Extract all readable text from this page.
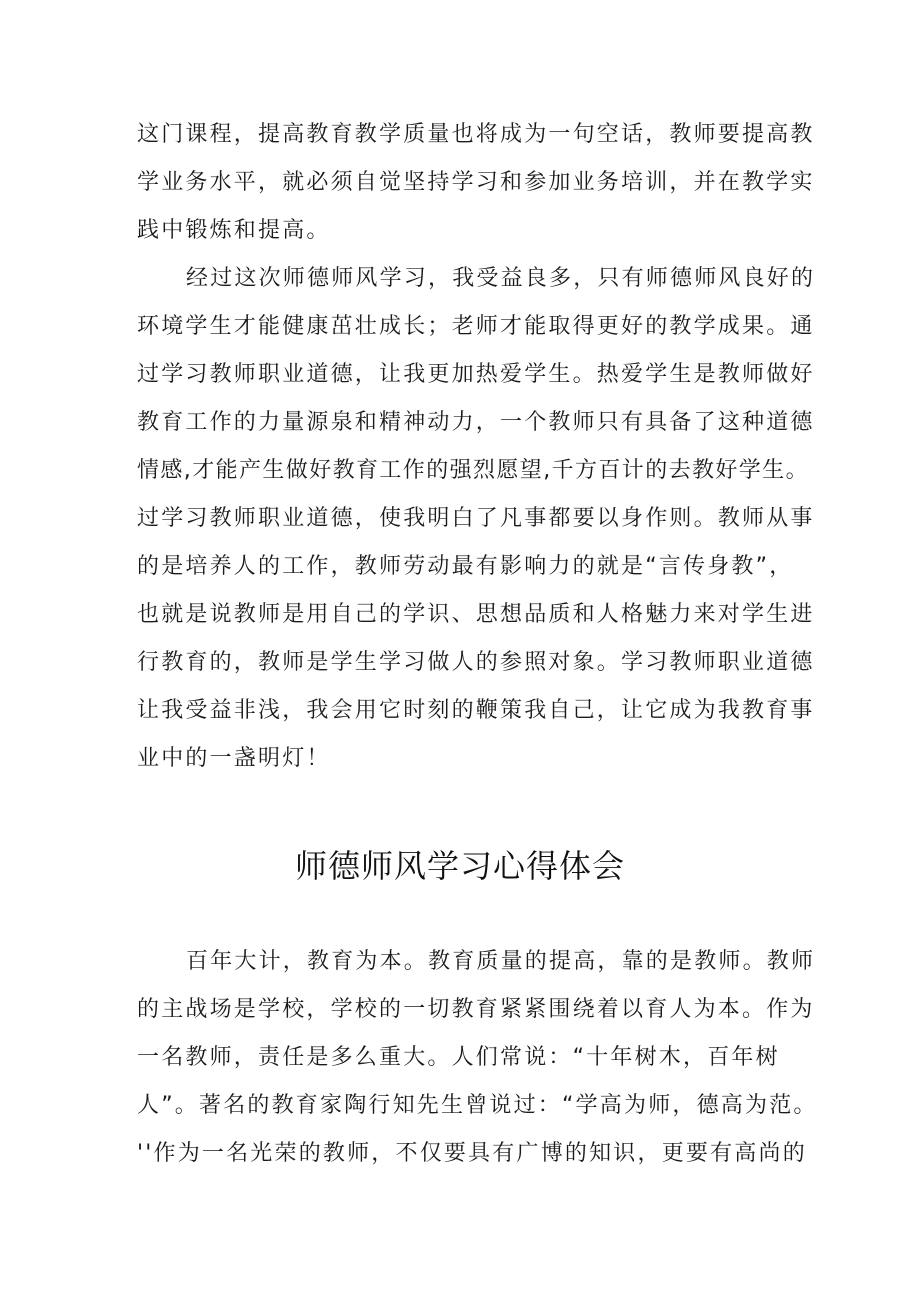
这门课程，提高教育教学质量也将成为一句空话，教师要提高教
学业务水平，就必须自觉坚持学习和参加业务培训，并在教学实
践中锻炼和提高。
经过这次师德师风学习，我受益良多，只有师德师风良好的
环境学生才能健康茁壮成长；老师才能取得更好的教学成果。通
过学习教师职业道德，让我更加热爱学生。热爱学生是教师做好
教育工作的力量源泉和精神动力，一个教师只有具备了这种道德
情感,才能产生做好教育工作的强烈愿望,千方百计的去教好学生。
过学习教师职业道德，使我明白了凡事都要以身作则。教师从事
的是培养人的工作，教师劳动最有影响力的就是“言传身教”，
也就是说教师是用自己的学识、思想品质和人格魅力来对学生进
行教育的，教师是学生学习做人的参照对象。学习教师职业道德
让我受益非浅，我会用它时刻的鞭策我自己，让它成为我教育事
业中的一盏明灯！
师德师风学习心得体会
百年大计，教育为本。教育质量的提高，靠的是教师。教师
的主战场是学校，学校的一切教育紧紧围绕着以育人为本。作为
一名教师，责任是多么重大。人们常说：“十年树木，百年树
人”。著名的教育家陶行知先生曾说过：“学高为师，德高为范。
''作为一名光荣的教师，不仅要具有广博的知识，更要有高尚的
